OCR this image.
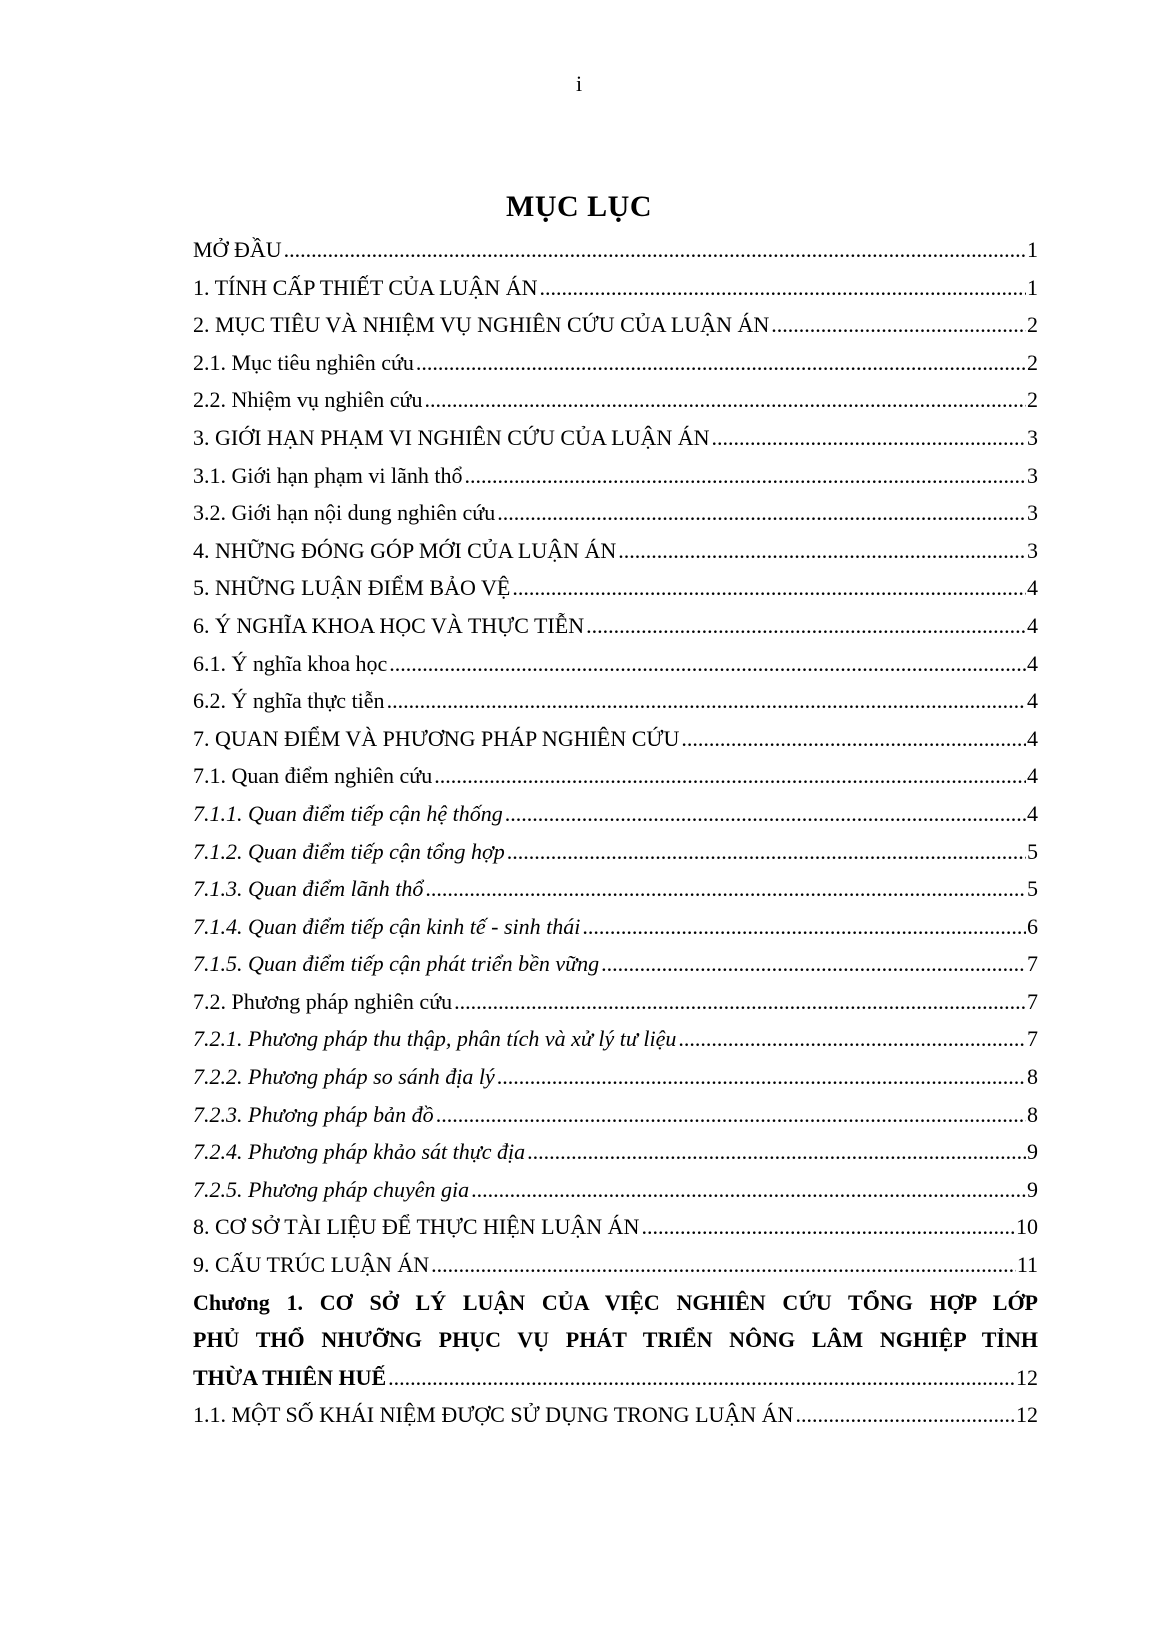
i
MỤC LỤC
MỞ ĐẦU .....	1
1. TÍNH CẤP THIẾT CỦA LUẬN ÁN .....	1
2. MỤC TIÊU VÀ NHIỆM VỤ NGHIÊN CỨU CỦA LUẬN ÁN .....	2
2.1. Mục tiêu nghiên cứu .....	2
2.2. Nhiệm vụ nghiên cứu .....	2
3. GIỚI HẠN PHẠM VI NGHIÊN CỨU CỦA LUẬN ÁN .....	3
3.1. Giới hạn phạm vi lãnh thổ .....	3
3.2. Giới hạn nội dung nghiên cứu .....	3
4. NHỮNG ĐÓNG GÓP MỚI CỦA LUẬN ÁN .....	3
5. NHỮNG LUẬN ĐIỂM BẢO VỆ .....	4
6. Ý NGHĨA KHOA HỌC VÀ THỰC TIỄN .....	4
6.1. Ý nghĩa khoa học .....	4
6.2. Ý nghĩa thực tiễn .....	4
7. QUAN ĐIỂM VÀ PHƯƠNG PHÁP NGHIÊN CỨU .....	4
7.1. Quan điểm nghiên cứu .....	4
7.1.1. Quan điểm tiếp cận hệ thống .....	4
7.1.2. Quan điểm tiếp cận tổng hợp .....	5
7.1.3. Quan điểm lãnh thổ .....	5
7.1.4. Quan điểm tiếp cận kinh tế - sinh thái .....	6
7.1.5. Quan điểm tiếp cận phát triển bền vững .....	7
7.2. Phương pháp nghiên cứu .....	7
7.2.1. Phương pháp thu thập, phân tích và xử lý tư liệu .....	7
7.2.2. Phương pháp so sánh địa lý .....	8
7.2.3. Phương pháp bản đồ .....	8
7.2.4. Phương pháp khảo sát thực địa .....	9
7.2.5. Phương pháp chuyên gia .....	9
8. CƠ SỞ TÀI LIỆU ĐỂ THỰC HIỆN LUẬN ÁN .....	10
9. CẤU TRÚC LUẬN ÁN .....	11
Chương 1. CƠ SỞ LÝ LUẬN CỦA VIỆC NGHIÊN CỨU TỔNG HỢP LỚP
PHỦ THỔ NHƯỠNG PHỤC VỤ PHÁT TRIỂN NÔNG LÂM NGHIỆP TỈNH
THỪA THIÊN HUẾ .....	12
1.1. MỘT SỐ KHÁI NIỆM ĐƯỢC SỬ DỤNG TRONG LUẬN ÁN .....	12
